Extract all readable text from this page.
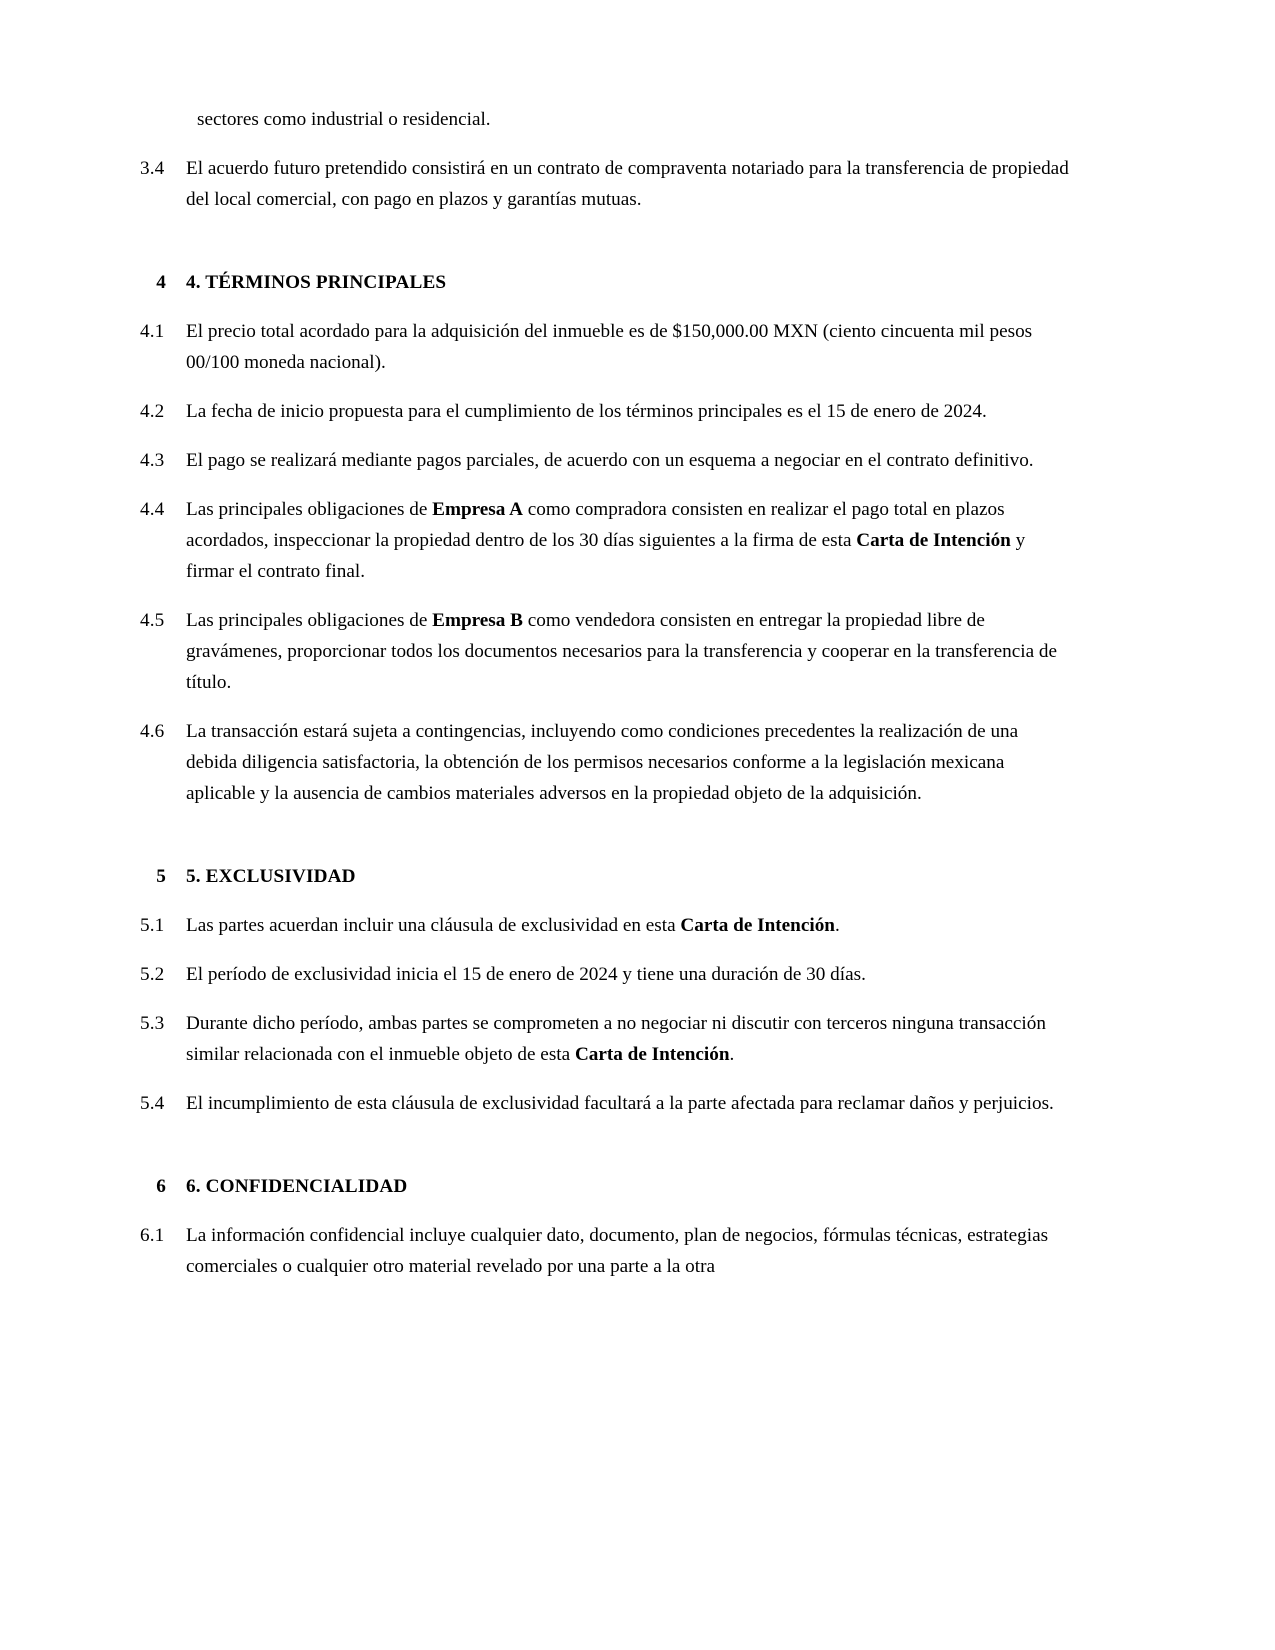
sectores como industrial o residencial.

3.4	El acuerdo futuro pretendido consistirá en un contrato de compraventa notariado para la transferencia de propiedad del local comercial, con pago en plazos y garantías mutuas.
4	4. TÉRMINOS PRINCIPALES
4.1	El precio total acordado para la adquisición del inmueble es de $150,000.00 MXN (ciento cincuenta mil pesos 00/100 moneda nacional).
4.2	La fecha de inicio propuesta para el cumplimiento de los términos principales es el 15 de enero de 2024.
4.3	El pago se realizará mediante pagos parciales, de acuerdo con un esquema a negociar en el contrato definitivo.
4.4	Las principales obligaciones de Empresa A como compradora consisten en realizar el pago total en plazos acordados, inspeccionar la propiedad dentro de los 30 días siguientes a la firma de esta Carta de Intención y firmar el contrato final.
4.5	Las principales obligaciones de Empresa B como vendedora consisten en entregar la propiedad libre de gravámenes, proporcionar todos los documentos necesarios para la transferencia y cooperar en la transferencia de título.
4.6	La transacción estará sujeta a contingencias, incluyendo como condiciones precedentes la realización de una debida diligencia satisfactoria, la obtención de los permisos necesarios conforme a la legislación mexicana aplicable y la ausencia de cambios materiales adversos en la propiedad objeto de la adquisición.
5	5. EXCLUSIVIDAD
5.1	Las partes acuerdan incluir una cláusula de exclusividad en esta Carta de Intención.
5.2	El período de exclusividad inicia el 15 de enero de 2024 y tiene una duración de 30 días.
5.3	Durante dicho período, ambas partes se comprometen a no negociar ni discutir con terceros ninguna transacción similar relacionada con el inmueble objeto de esta Carta de Intención.
5.4	El incumplimiento de esta cláusula de exclusividad facultará a la parte afectada para reclamar daños y perjuicios.
6	6. CONFIDENCIALIDAD
6.1	La información confidencial incluye cualquier dato, documento, plan de negocios, fórmulas técnicas, estrategias comerciales o cualquier otro material revelado por una parte a la otra
